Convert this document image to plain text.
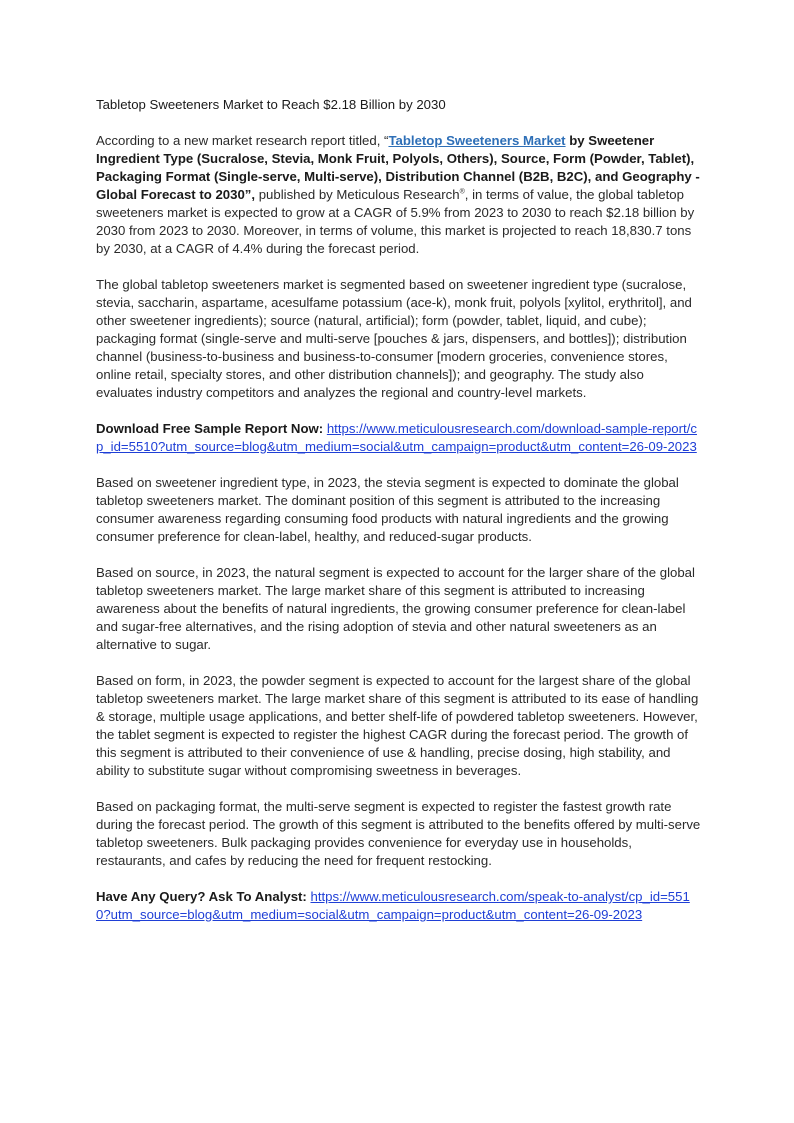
Tabletop Sweeteners Market to Reach $2.18 Billion by 2030

According to a new market research report titled, “Tabletop Sweeteners Market by Sweetener Ingredient Type (Sucralose, Stevia, Monk Fruit, Polyols, Others), Source, Form (Powder, Tablet), Packaging Format (Single-serve, Multi-serve), Distribution Channel (B2B, B2C), and Geography - Global Forecast to 2030”, published by Meticulous Research®, in terms of value, the global tabletop sweeteners market is expected to grow at a CAGR of 5.9% from 2023 to 2030 to reach $2.18 billion by 2030 from 2023 to 2030. Moreover, in terms of volume, this market is projected to reach 18,830.7 tons by 2030, at a CAGR of 4.4% during the forecast period.

The global tabletop sweeteners market is segmented based on sweetener ingredient type (sucralose, stevia, saccharin, aspartame, acesulfame potassium (ace-k), monk fruit, polyols [xylitol, erythritol], and other sweetener ingredients); source (natural, artificial); form (powder, tablet, liquid, and cube); packaging format (single-serve and multi-serve [pouches & jars, dispensers, and bottles]); distribution channel (business-to-business and business-to-consumer [modern groceries, convenience stores, online retail, specialty stores, and other distribution channels]); and geography. The study also evaluates industry competitors and analyzes the regional and country-level markets.

Download Free Sample Report Now: https://www.meticulousresearch.com/download-sample-report/cp_id=5510?utm_source=blog&utm_medium=social&utm_campaign=product&utm_content=26-09-2023

Based on sweetener ingredient type, in 2023, the stevia segment is expected to dominate the global tabletop sweeteners market. The dominant position of this segment is attributed to the increasing consumer awareness regarding consuming food products with natural ingredients and the growing consumer preference for clean-label, healthy, and reduced-sugar products.

Based on source, in 2023, the natural segment is expected to account for the larger share of the global tabletop sweeteners market. The large market share of this segment is attributed to increasing awareness about the benefits of natural ingredients, the growing consumer preference for clean-label and sugar-free alternatives, and the rising adoption of stevia and other natural sweeteners as an alternative to sugar.

Based on form, in 2023, the powder segment is expected to account for the largest share of the global tabletop sweeteners market. The large market share of this segment is attributed to its ease of handling & storage, multiple usage applications, and better shelf-life of powdered tabletop sweeteners. However, the tablet segment is expected to register the highest CAGR during the forecast period. The growth of this segment is attributed to their convenience of use & handling, precise dosing, high stability, and ability to substitute sugar without compromising sweetness in beverages.

Based on packaging format, the multi-serve segment is expected to register the fastest growth rate during the forecast period. The growth of this segment is attributed to the benefits offered by multi-serve tabletop sweeteners. Bulk packaging provides convenience for everyday use in households, restaurants, and cafes by reducing the need for frequent restocking.

Have Any Query? Ask To Analyst: https://www.meticulousresearch.com/speak-to-analyst/cp_id=5510?utm_source=blog&utm_medium=social&utm_campaign=product&utm_content=26-09-2023
